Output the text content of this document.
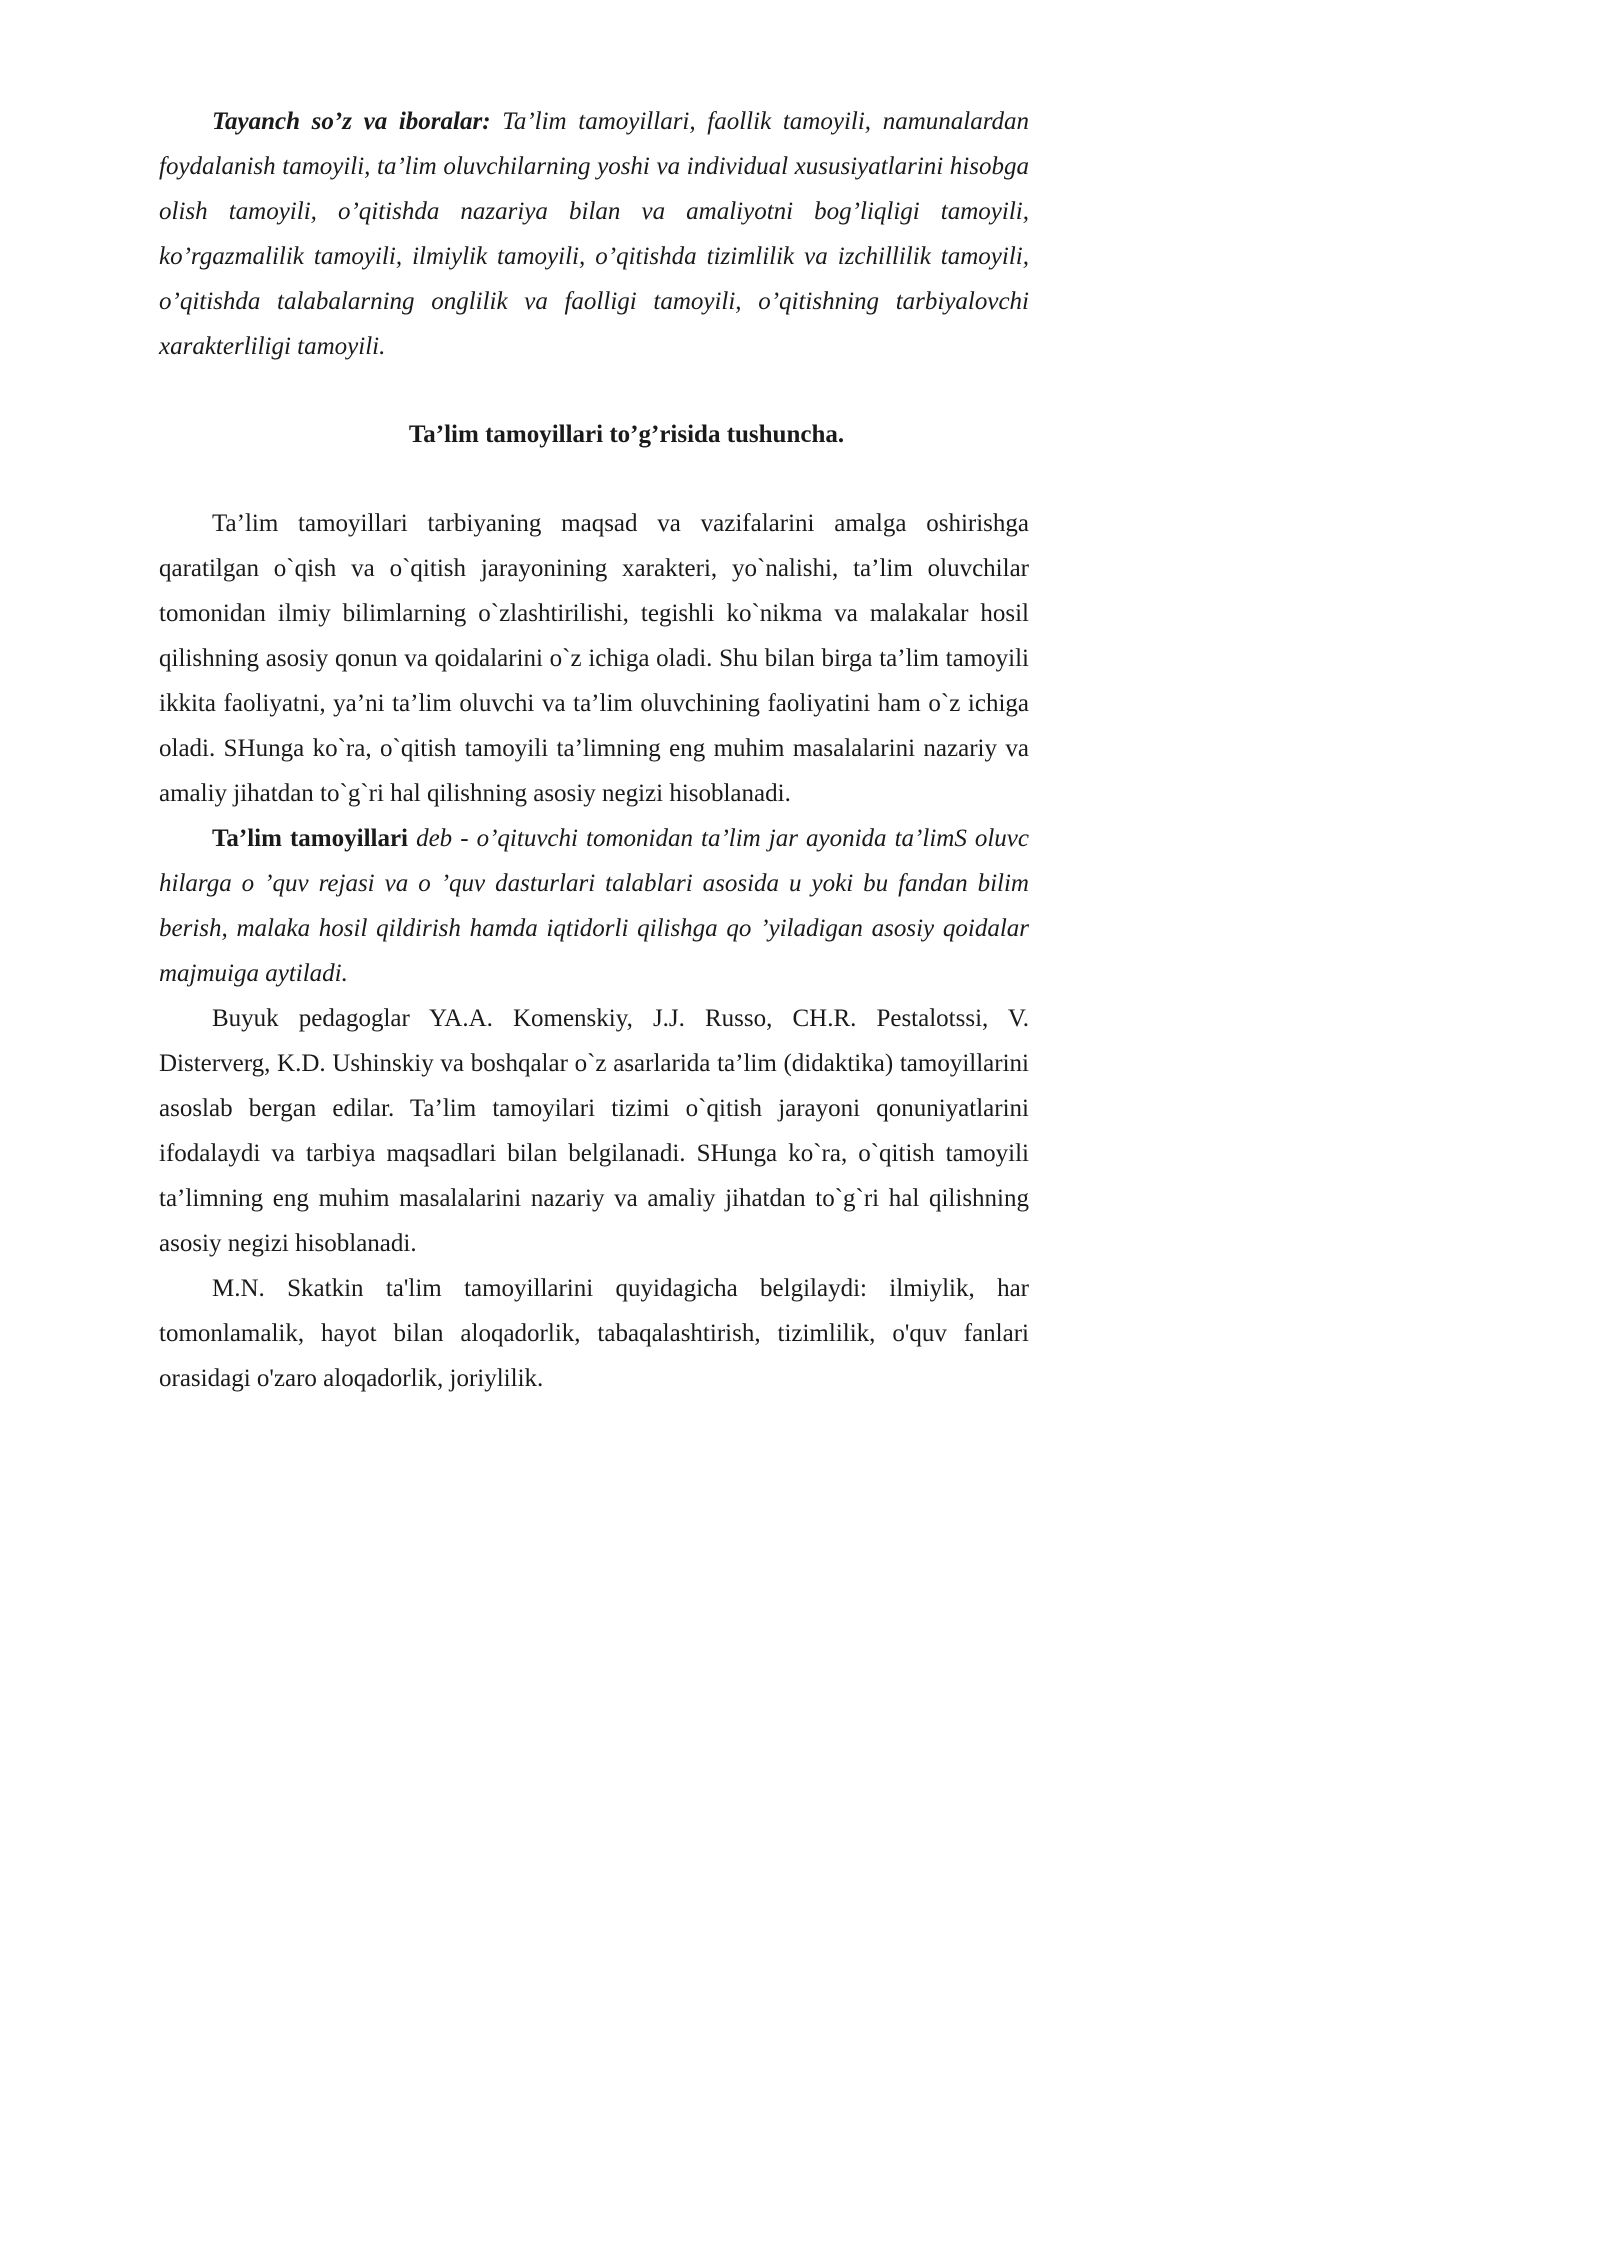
Tayanch so’z va iboralar: Ta’lim tamoyillari, faollik tamoyili, namunalardan foydalanish tamoyili, ta’lim oluvchilarning yoshi va individual xususiyatlarini hisobga olish tamoyili, o’qitishda nazariya bilan va amaliyotni bog’liqligi tamoyili, ko’rgazmalilik tamoyili, ilmiylik tamoyili, o’qitishda tizimlilik va izchillilik tamoyili, o’qitishda talabalarning onglilik va faolligi tamoyili, o’qitishning tarbiyalovchi xarakterliligi tamoyili.

Ta’lim tamoyillari to’g’risida tushuncha.

Ta’lim tamoyillari tarbiyaning maqsad va vazifalarini amalga oshirishga qaratilgan o`qish va o`qitish jarayonining xarakteri, yo`nalishi, ta’lim oluvchilar tomonidan ilmiy bilimlarning o`zlashtirilishi, tegishli ko`nikma va malakalar hosil qilishning asosiy qonun va qoidalarini o`z ichiga oladi. Shu bilan birga ta’lim tamoyili ikkita faoliyatni, ya’ni ta’lim oluvchi va ta’lim oluvchining faoliyatini ham o`z ichiga oladi. SHunga ko`ra, o`qitish tamoyili ta’limning eng muhim masalalarini nazariy va amaliy jihatdan to`g`ri hal qilishning asosiy negizi hisoblanadi.

Ta’lim tamoyillari deb - o’qituvchi tomonidan ta’lim jar ayonida ta’limS oluvc hilarga o ’quv rejasi va o ’quv dasturlari talablari asosida u yoki bu fandan bilim berish, malaka hosil qildirish hamda iqtidorli qilishga qo ’yiladigan asosiy qoidalar majmuiga aytiladi.

Buyuk pedagoglar YA.A. Komenskiy, J.J. Russo, CH.R. Pestalotssi, V. Disterverg, K.D. Ushinskiy va boshqalar o`z asarlarida ta’lim (didaktika) tamoyillarini asoslab bergan edilar. Ta’lim tamoyilari tizimi o`qitish jarayoni qonuniyatlarini ifodalaydi va tarbiya maqsadlari bilan belgilanadi. SHunga ko`ra, o`qitish tamoyili ta’limning eng muhim masalalarini nazariy va amaliy jihatdan to`g`ri hal qilishning asosiy negizi hisoblanadi.

M.N. Skatkin ta'lim tamoyillarini quyidagicha belgilaydi: ilmiylik, har tomonlamalik, hayot bilan aloqadorlik, tabaqalashtirish, tizimlilik, o'quv fanlari orasidagi o'zaro aloqadorlik, joriylilik.
